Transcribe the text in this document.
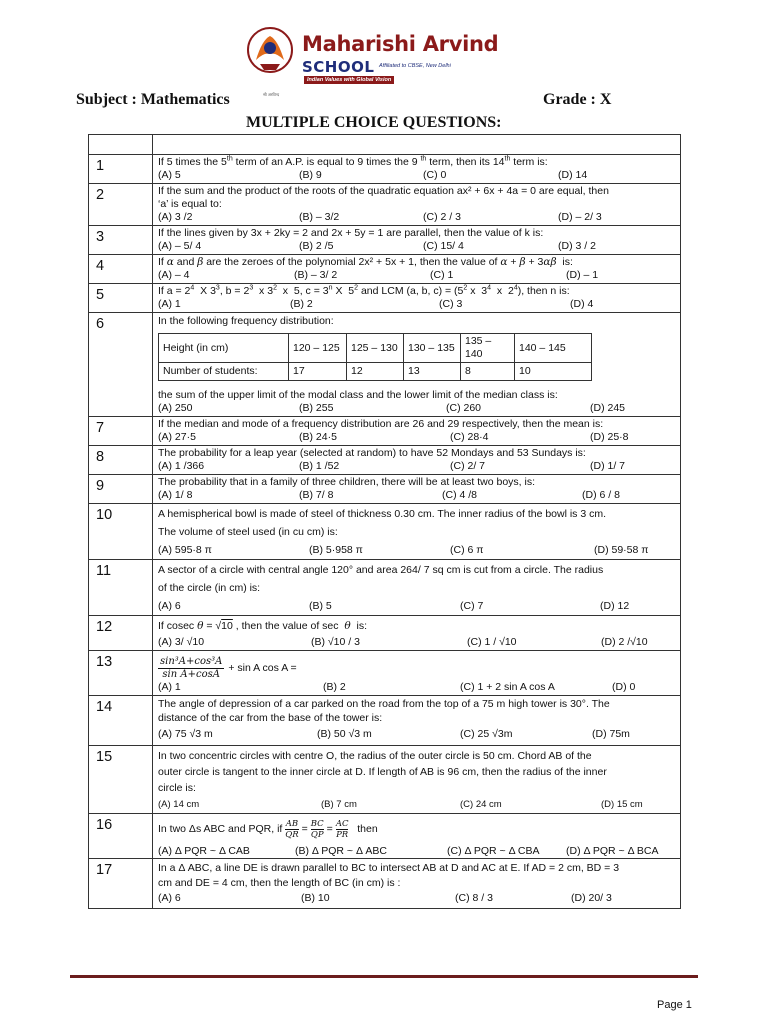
श्री अरविन्द
Maharishi Arvind
SCHOOL Affiliated to CBSE, New Delhi
Indian Values with Global Vision
Subject : Mathematics	Grade : X
MULTIPLE CHOICE QUESTIONS:
1	If 5 times the 5th term of an A.P. is equal to 9 times the 9 $^{th}$ term, then its 14th term is:
(A) 5	(B) 9	(C) 0	(D) 14
2	If the sum and the product of the roots of the quadratic equation ax² + 6x + 4a = 0 are equal, then
‘a’ is equal to:
(A) 3 /2	(B) – 3/2	(C) 2 / 3	(D) – 2/ 3
3	If the lines given by 3x + 2ky = 2 and 2x + 5y = 1 are parallel, then the value of k is:
(A) – 5/ 4	(B) 2 /5	(C) 15/ 4	(D) 3 / 2
4	If α and β are the zeroes of the polynomial 2x² + 5x + 1, then the value of α + β + 3αβ  is:
(A) – 4	(B) – 3/ 2	(C) 1	(D) – 1
5	If $a = 2^4$  X $3^3$, $b = 2^3$  x $3^2$  x  5, $c = 3^n$ X  $5^2$ and LCM (a, b, $c) = (5^2$ x  $3^4$  x  $2^4$), then n is:
(A) 1	(B) 2	(C) 3	(D) 4
6	In the following frequency distribution:
Height (in cm)	120 – 125	125 – 130	130 – 135	135 – 140	140 – 145
Number of students:	17	12	13	8	10
the sum of the upper limit of the modal class and the lower limit of the median class is:
(A) 250	(B) 255	(C) 260	(D) 245
7	If the median and mode of a frequency distribution are 26 and 29 respectively, then the mean is:
(A) 27·5	(B) 24·5	(C) 28·4	(D) 25·8
8	The probability for a leap year (selected at random) to have 52 Mondays and 53 Sundays is:
(A) 1 /366	(B) 1 /52	(C) 2/ 7	(D) 1/ 7
9	The probability that in a family of three children, there will be at least two boys, is:
(A) 1/ 8	(B) 7/ 8	(C) 4 /8	(D) 6 / 8
10	A hemispherical bowl is made of steel of thickness 0.30 cm. The inner radius of the bowl is 3 cm.
The volume of steel used (in cu cm) is:
(A) 595·8 π	(B) 5·958 π	(C) 6 π	(D) 59·58 π
11	A sector of a circle with central angle 120° and area 264/ 7 sq cm is cut from a circle. The radius
of the circle (in cm) is:
(A) 6	(B) 5	(C) 7	(D) 12
12	If cosec θ = √10 , then the value of sec  θ  is:
(A) 3/ √10	(B) √10 / 3	(C) 1 / √10	(D) 2 /√10
13	sin³A+cos³A
sin A+cosA
+ sin A cos A =
(A) 1	(B) 2	(C) 1 + 2 sin A cos A	(D) 0
14	The angle of depression of a car parked on the road from the top of a 75 m high tower is 30°. The
distance of the car from the base of the tower is:
(A) 75 √3 m	(B) 50 √3 m	(C) 25 √3m	(D) 75m
15	In two concentric circles with centre O, the radius of the outer circle is 50 cm. Chord AB of the
outer circle is tangent to the inner circle at D. If length of AB is 96 cm, then the radius of the inner
circle is:
(A) 14 cm	(B) 7 cm	(C) 24 cm	(D) 15 cm
16	In two Δs ABC and PQR, if $\frac{AB}{QR} = \frac{BC}{QP} = \frac{AC}{PR}$ then
(A) Δ PQR ~ Δ CAB	(B) Δ PQR ~ Δ ABC	(C) Δ PQR ~ Δ CBA	(D) Δ PQR ~ Δ BCA
17	In a Δ ABC, a line DE is drawn parallel to BC to intersect AB at D and AC at E. If AD = 2 cm, BD = 3
cm and DE = 4 cm, then the length of BC (in cm) is :
(A) 6	(B) 10	(C) 8 / 3	(D) 20/ 3
Page 1
